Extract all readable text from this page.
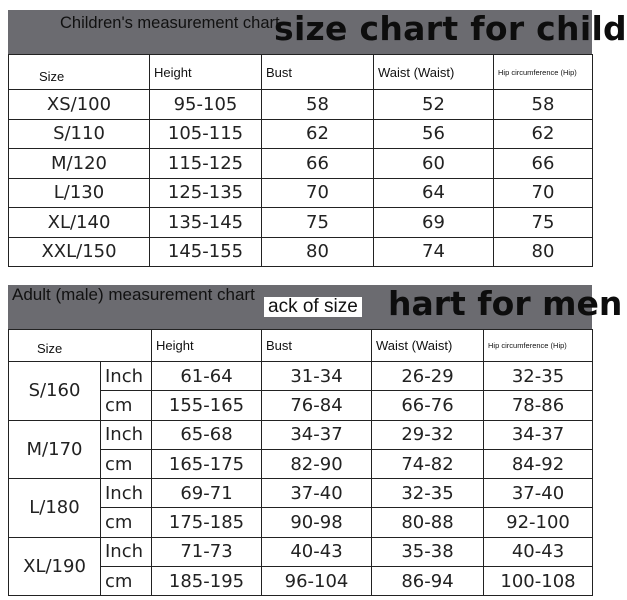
Children's measurement chart
size chart for child
Size	Height	Bust	Waist (Waist)	Hip circumference (Hip)
XS/100	95-105	58	52	58
S/110	105-115	62	56	62
M/120	115-125	66	60	66
L/130	125-135	70	64	70
XL/140	135-145	75	69	75
XXL/150	145-155	80	74	80
Adult (male) measurement chart
ack of size hart for men
Size		Height	Bust	Waist (Waist)	Hip circumference (Hip)
S/160	Inch	61-64	31-34	26-29	32-35
	cm	155-165	76-84	66-76	78-86
M/170	Inch	65-68	34-37	29-32	34-37
	cm	165-175	82-90	74-82	84-92
L/180	Inch	69-71	37-40	32-35	37-40
	cm	175-185	90-98	80-88	92-100
XL/190	Inch	71-73	40-43	35-38	40-43
	cm	185-195	96-104	86-94	100-108
